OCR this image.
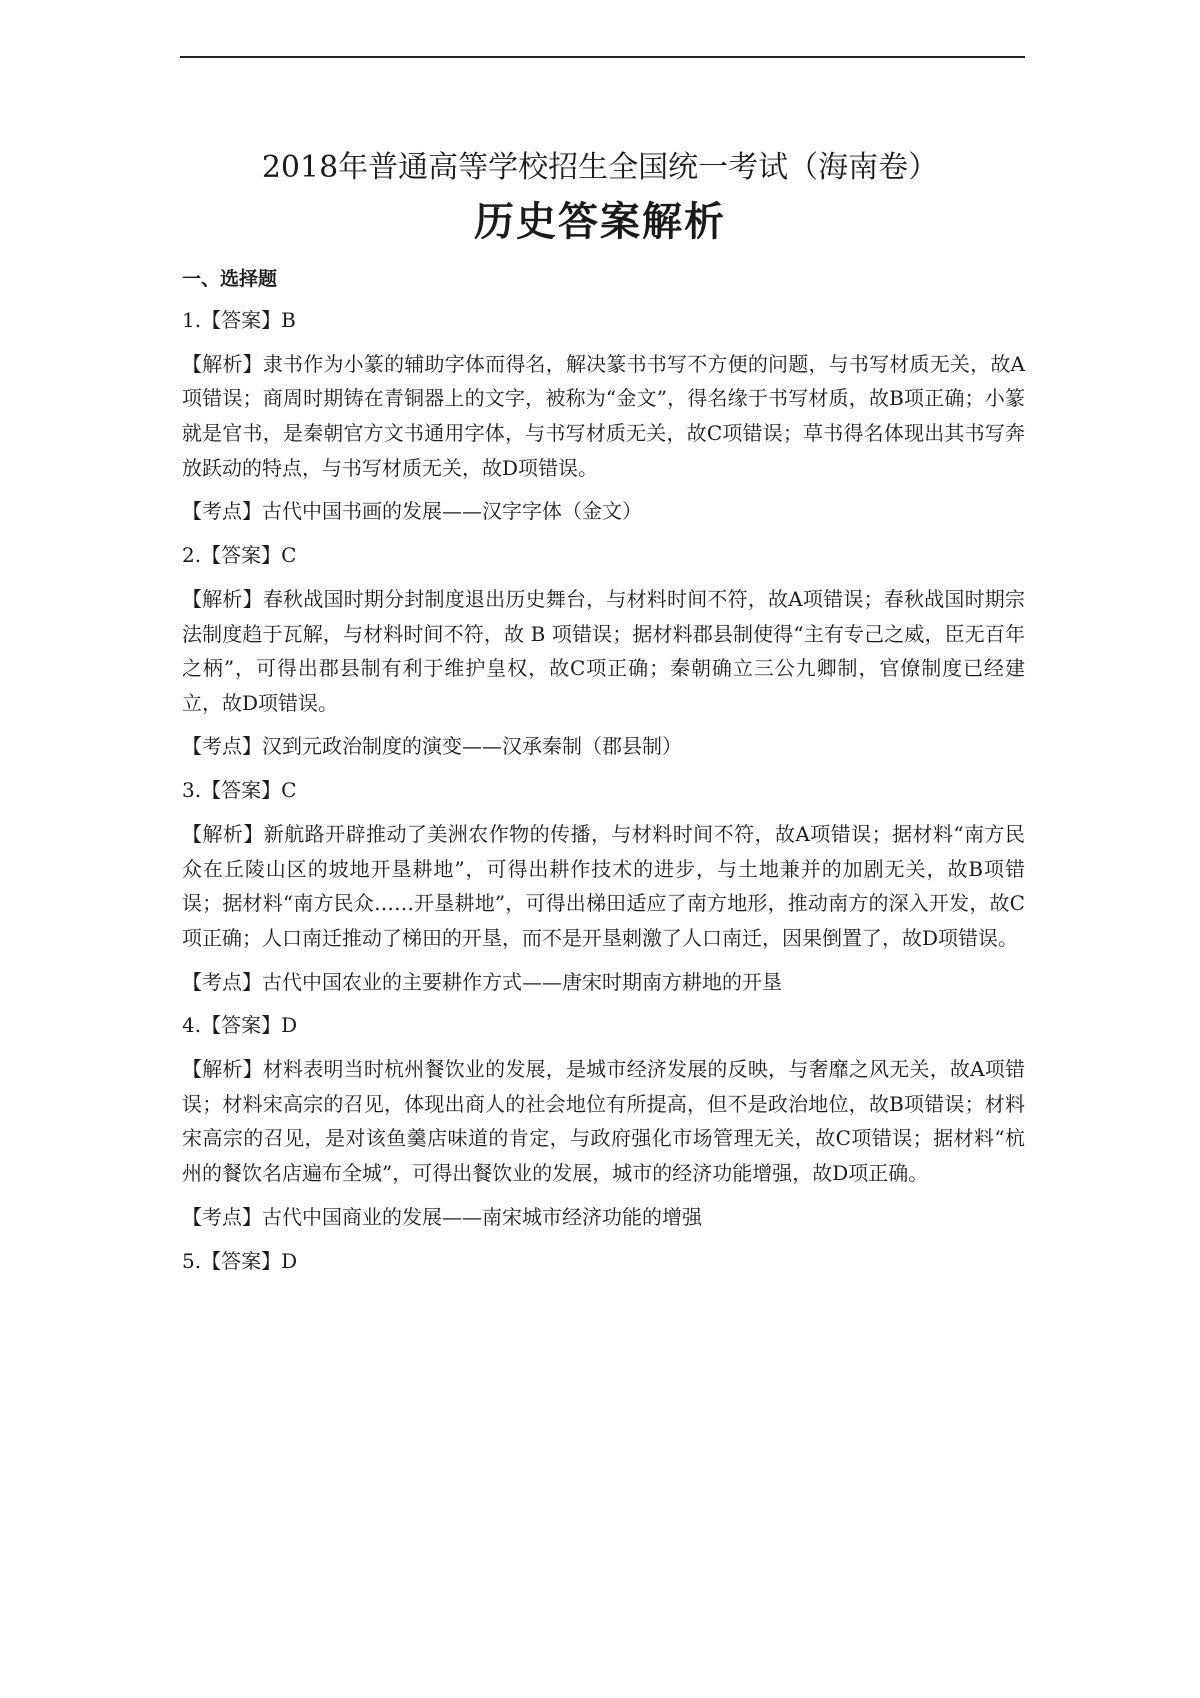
2018年普通高等学校招生全国统一考试（海南卷）
历史答案解析

一、选择题

1.【答案】B

【解析】隶书作为小篆的辅助字体而得名，解决篆书书写不方便的问题，与书写材质无关，故A项错误；商周时期铸在青铜器上的文字，被称为“金文”，得名缘于书写材质，故B项正确；小篆就是官书，是秦朝官方文书通用字体，与书写材质无关，故C项错误；草书得名体现出其书写奔放跃动的特点，与书写材质无关，故D项错误。

【考点】古代中国书画的发展——汉字字体（金文）

2.【答案】C

【解析】春秋战国时期分封制度退出历史舞台，与材料时间不符，故A项错误；春秋战国时期宗法制度趋于瓦解，与材料时间不符，故 B 项错误；据材料郡县制使得“主有专己之威，臣无百年之柄”，可得出郡县制有利于维护皇权，故C项正确；秦朝确立三公九卿制，官僚制度已经建立，故D项错误。

【考点】汉到元政治制度的演变——汉承秦制（郡县制）

3.【答案】C

【解析】新航路开辟推动了美洲农作物的传播，与材料时间不符，故A项错误；据材料“南方民众在丘陵山区的坡地开垦耕地”，可得出耕作技术的进步，与土地兼并的加剧无关，故B项错误；据材料“南方民众……开垦耕地”，可得出梯田适应了南方地形，推动南方的深入开发，故C项正确；人口南迁推动了梯田的开垦，而不是开垦刺激了人口南迁，因果倒置了，故D项错误。

【考点】古代中国农业的主要耕作方式——唐宋时期南方耕地的开垦

4.【答案】D

【解析】材料表明当时杭州餐饮业的发展，是城市经济发展的反映，与奢靡之风无关，故A项错误；材料宋高宗的召见，体现出商人的社会地位有所提高，但不是政治地位，故B项错误；材料宋高宗的召见，是对该鱼羹店味道的肯定，与政府强化市场管理无关，故C项错误；据材料“杭州的餐饮名店遍布全城”，可得出餐饮业的发展，城市的经济功能增强，故D项正确。

【考点】古代中国商业的发展——南宋城市经济功能的增强

5.【答案】D
